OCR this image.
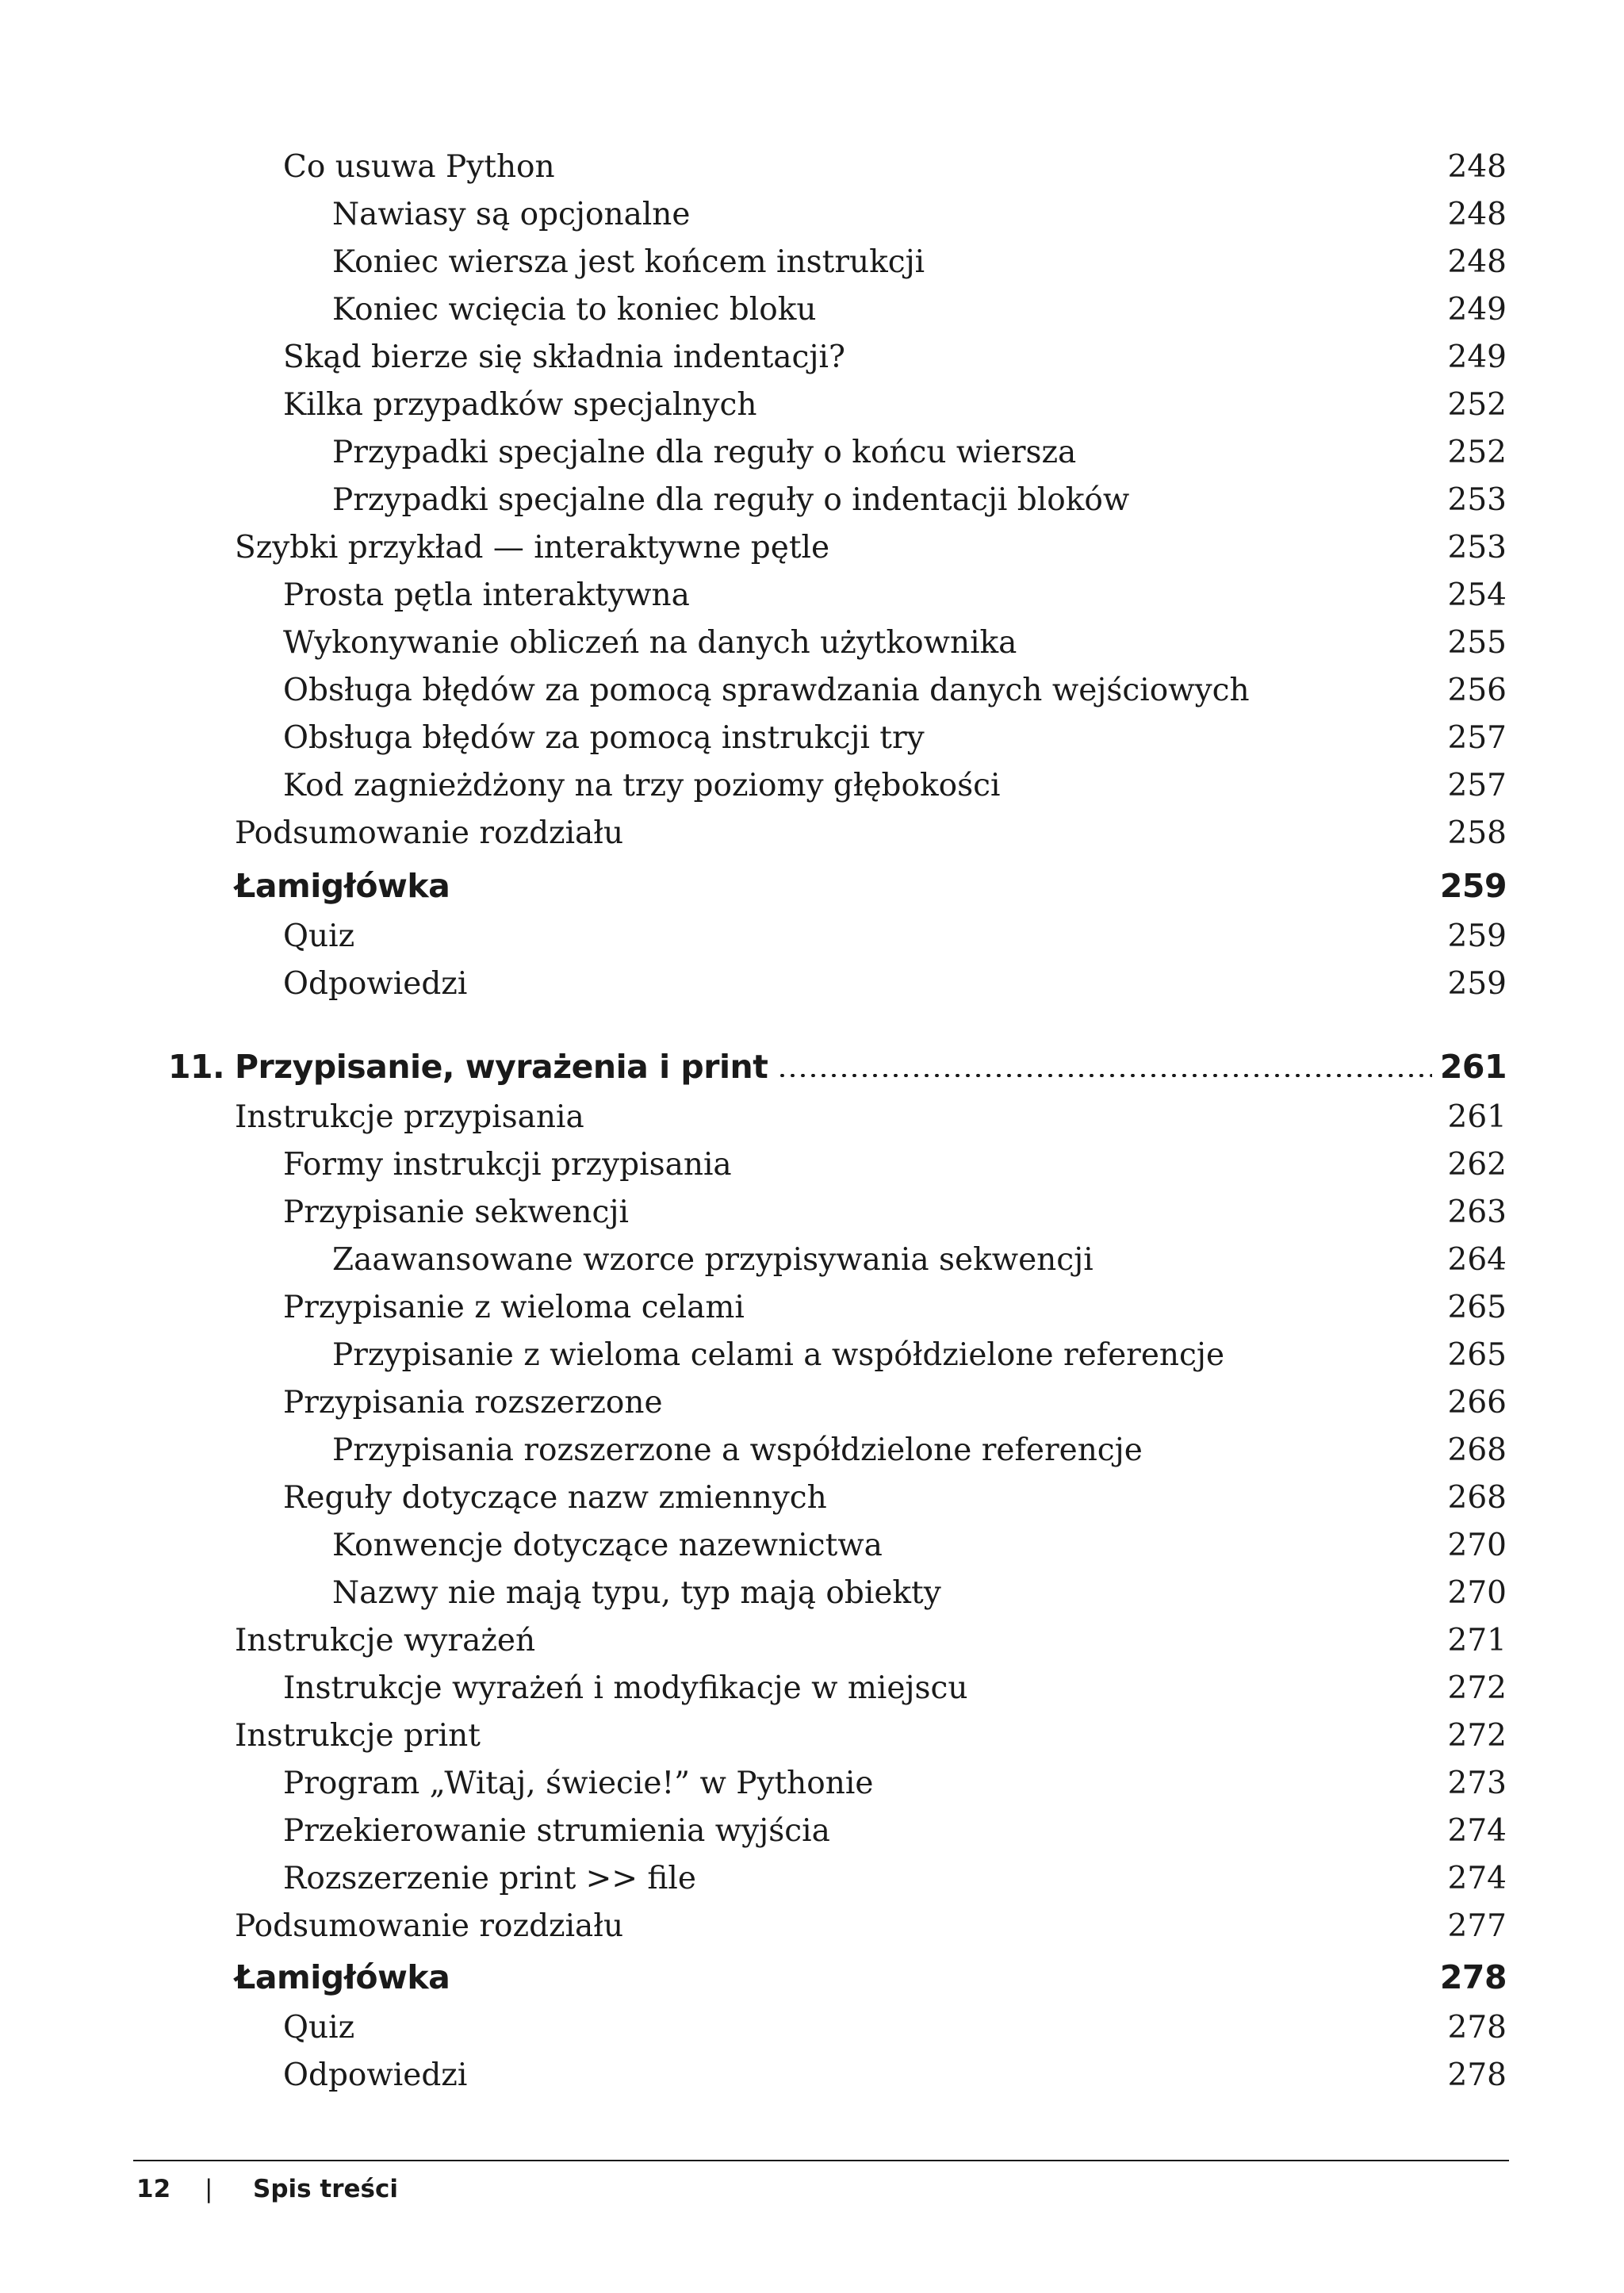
Co usuwa Python	248
Nawiasy są opcjonalne	248
Koniec wiersza jest końcem instrukcji	248
Koniec wcięcia to koniec bloku	249
Skąd bierze się składnia indentacji?	249
Kilka przypadków specjalnych	252
Przypadki specjalne dla reguły o końcu wiersza	252
Przypadki specjalne dla reguły o indentacji bloków	253
Szybki przykład — interaktywne pętle	253
Prosta pętla interaktywna	254
Wykonywanie obliczeń na danych użytkownika	255
Obsługa błędów za pomocą sprawdzania danych wejściowych	256
Obsługa błędów za pomocą instrukcji try	257
Kod zagnieżdżony na trzy poziomy głębokości	257
Podsumowanie rozdziału	258
Łamigłówka	259
Quiz	259
Odpowiedzi	259
11. Przypisanie, wyrażenia i print	261
Instrukcje przypisania	261
Formy instrukcji przypisania	262
Przypisanie sekwencji	263
Zaawansowane wzorce przypisywania sekwencji	264
Przypisanie z wieloma celami	265
Przypisanie z wieloma celami a współdzielone referencje	265
Przypisania rozszerzone	266
Przypisania rozszerzone a współdzielone referencje	268
Reguły dotyczące nazw zmiennych	268
Konwencje dotyczące nazewnictwa	270
Nazwy nie mają typu, typ mają obiekty	270
Instrukcje wyrażeń	271
Instrukcje wyrażeń i modyfikacje w miejscu	272
Instrukcje print	272
Program „Witaj, świecie!” w Pythonie	273
Przekierowanie strumienia wyjścia	274
Rozszerzenie print >> file	274
Podsumowanie rozdziału	277
Łamigłówka	278
Quiz	278
Odpowiedzi	278
12 | Spis treści
